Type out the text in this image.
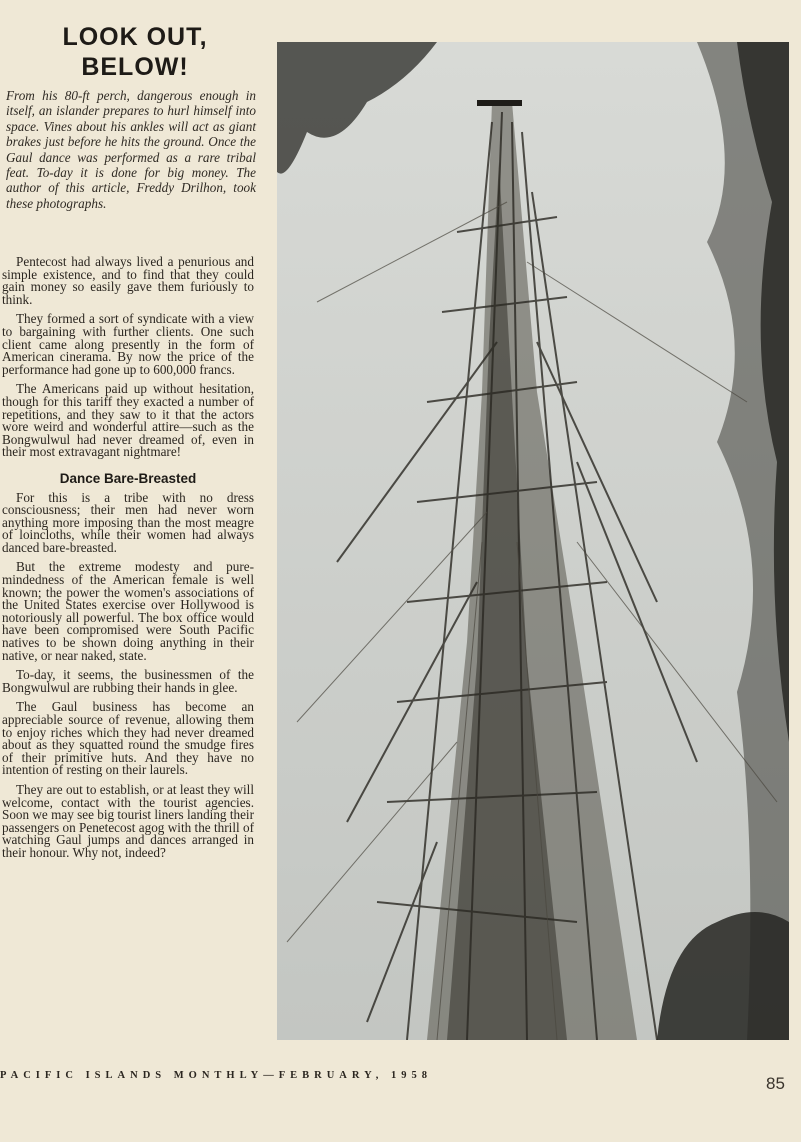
LOOK OUT,
BELOW!
From his 80-ft perch, dangerous enough in itself, an islander prepares to hurl himself into space. Vines about his ankles will act as giant brakes just before he hits the ground. Once the Gaul dance was performed as a rare tribal feat. To-day it is done for big money. The author of this article, Freddy Drilhon, took these photographs.

Pentecost had always lived a penurious and simple existence, and to find that they could gain money so easily gave them furiously to think.

They formed a sort of syndicate with a view to bargaining with further clients. One such client came along presently in the form of American cinerama. By now the price of the performance had gone up to 600,000 francs.

The Americans paid up without hesitation, though for this tariff they exacted a number of repetitions, and they saw to it that the actors wore weird and wonderful attire—such as the Bongwulwul had never dreamed of, even in their most extravagant nightmare!

Dance Bare-Breasted

For this is a tribe with no dress consciousness; their men had never worn anything more imposing than the most meagre of loincloths, while their women had always danced bare-breasted.

But the extreme modesty and pure-mindedness of the American female is well known; the power the women's associations of the United States exercise over Hollywood is notoriously all powerful. The box office would have been compromised were South Pacific natives to be shown doing anything in their native, or near naked, state.

To-day, it seems, the businessmen of the Bongwulwul are rubbing their hands in glee.

The Gaul business has become an appreciable source of revenue, allowing them to enjoy riches which they had never dreamed about as they squatted round the smudge fires of their primitive huts. And they have no intention of resting on their laurels.

They are out to establish, or at least they will welcome, contact with the tourist agencies. Soon we may see big tourist liners landing their passengers on Penetecost agog with the thrill of watching Gaul jumps and dances arranged in their honour. Why not, indeed?

PACIFIC ISLANDS MONTHLY—FEBRUARY, 1958	85
